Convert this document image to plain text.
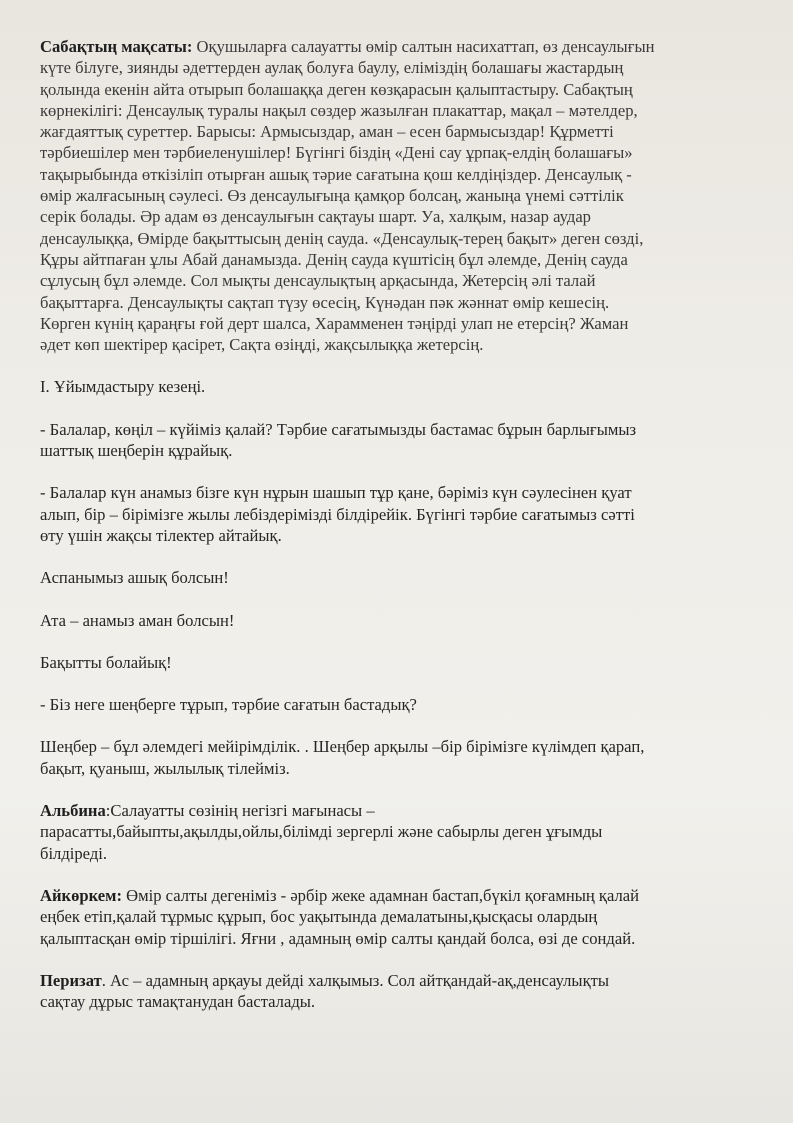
Сабақтың мақсаты: Оқушыларға салауатты өмір салтын насихаттап, өз денсаулығын
күте білуге, зиянды әдеттерден аулақ болуға баулу, еліміздің болашағы жастардың
қолында екенін айта отырып болашаққа деген көзқарасын қалыптастыру. Сабақтың
көрнекілігі: Денсаулық туралы нақыл сөздер жазылған плакаттар, мақал – мәтелдер,
жағдаяттық суреттер. Барысы: Армысыздар, аман – есен бармысыздар! Құрметті
тәрбиешілер мен тәрбиеленушілер! Бүгінгі біздің «Дені сау ұрпақ-елдің болашағы»
тақырыбында өткізіліп отырған ашық тәрие сағатына қош келдіңіздер. Денсаулық -
өмір жалғасының сәулесі. Өз денсаулығыңа қамқор болсаң, жаныңа үнемі сәттілік
серік болады. Әр адам өз денсаулығын сақтауы шарт. Уа, халқым, назар аудар
денсаулыққа, Өмірде бақыттысың денің сауда. «Денсаулық-терең бақыт» деген сөзді,
Құры айтпаған ұлы Абай данамызда. Денің сауда күштісің бұл әлемде, Денің сауда
сұлусың бұл әлемде. Сол мықты денсаулықтың арқасында, Жетерсің әлі талай
бақыттарға. Денсаулықты сақтап түзу өсесің, Күнәдан пәк жәннат өмір кешесің.
Көрген күнің қараңғы ғой дерт шалса, Харамменен тәңірді улап не етерсің? Жаман
әдет көп шектірер қасірет, Сақта өзіңді, жақсылыққа жетерсің.
І. Ұйымдастыру кезеңі.
- Балалар, көңіл – күйіміз қалай? Тәрбие сағатымызды бастамас бұрын барлығымыз
шаттық шеңберін құрайық.
- Балалар күн анамыз бізге күн нұрын шашып тұр қане, бәріміз күн сәулесінен қуат
алып, бір – бірімізге жылы лебіздерімізді білдірейік. Бүгінгі тәрбие сағатымыз сәтті
өту үшін жақсы тілектер айтайық.
Аспанымыз ашық болсын!
Ата – анамыз аман болсын!
Бақытты болайық!
- Біз неге шеңберге тұрып, тәрбие сағатын бастадық?
Шеңбер – бұл әлемдегі мейірімділік. . Шеңбер арқылы –бір бірімізге күлімдеп қарап,
бақыт, қуаныш, жылылық тілейміз.
Альбина:Салауатты сөзінің негізгі мағынасы –
парасатты,байыпты,ақылды,ойлы,білімді зергерлі және сабырлы деген ұғымды
білдіреді.
Айкөркем: Өмір салты дегеніміз - әрбір жеке адамнан бастап,бүкіл қоғамның қалай
еңбек етіп,қалай тұрмыс құрып, бос уақытында демалатыны,қысқасы олардың
қалыптасқан өмір тіршілігі. Яғни , адамның өмір салты қандай болса, өзі де сондай.
Перизат. Ас – адамның арқауы дейді халқымыз. Сол айтқандай-ақ,денсаулықты
сақтау дұрыс тамақтанудан басталады.
